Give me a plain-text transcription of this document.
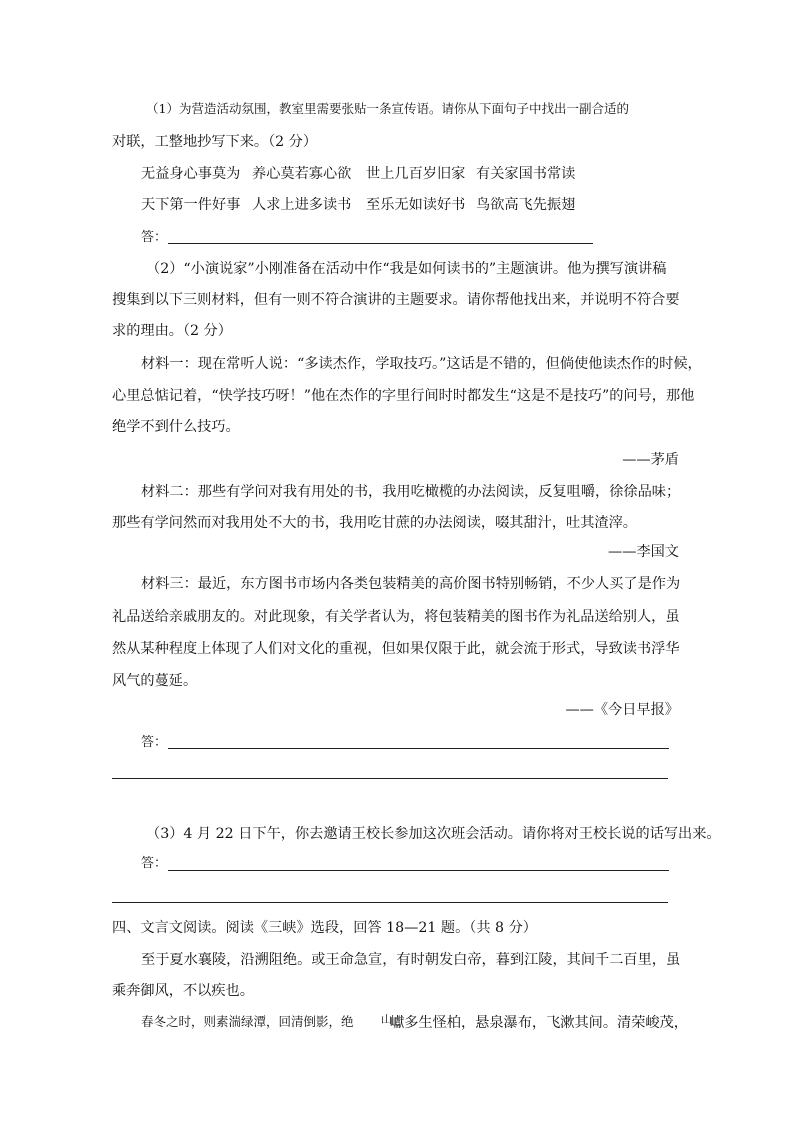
（1）为营造活动氛围，教室里需要张贴一条宣传语。请你从下面句子中找出一副合适的
对联，工整地抄写下来。（2 分）
无益身心事莫为 养心莫若寡心欲 世上几百岁旧家 有关家国书常读
天下第一件好事 人求上进多读书 至乐无如读好书 鸟欲高飞先振翅
答：
（2）“小演说家”小刚准备在活动中作“我是如何读书的”主题演讲。他为撰写演讲稿
搜集到以下三则材料，但有一则不符合演讲的主题要求。请你帮他找出来，并说明不符合要
求的理由。（2 分）
材料一：现在常听人说：“多读杰作，学取技巧。”这话是不错的，但倘使他读杰作的时候，
心里总惦记着，“快学技巧呀！”他在杰作的字里行间时时都发生“这是不是技巧”的问号，那他
绝学不到什么技巧。
——茅盾
材料二：那些有学问对我有用处的书，我用吃橄榄的办法阅读，反复咀嚼，徐徐品味；
那些有学问然而对我用处不大的书，我用吃甘蔗的办法阅读，啜其甜汁，吐其渣滓。
——李国文
材料三：最近，东方图书市场内各类包装精美的高价图书特别畅销，不少人买了是作为
礼品送给亲戚朋友的。对此现象，有关学者认为，将包装精美的图书作为礼品送给别人，虽
然从某种程度上体现了人们对文化的重视，但如果仅限于此，就会流于形式，导致读书浮华
风气的蔓延。
——《今日早报》
答：
（3）4 月 22 日下午，你去邀请王校长参加这次班会活动。请你将对王校长说的话写出来。
答：
四、文言文阅读。阅读《三峡》选段，回答 18—21 题。（共 8 分）
至于夏水襄陵，沿溯阻绝。或王命急宣，有时朝发白帝，暮到江陵，其间千二百里，虽
乘奔御风，不以疾也。
春冬之时，则素湍绿潭，回清倒影，绝 山
巘多生怪柏，悬泉瀑布，飞漱其间。清荣峻茂，
